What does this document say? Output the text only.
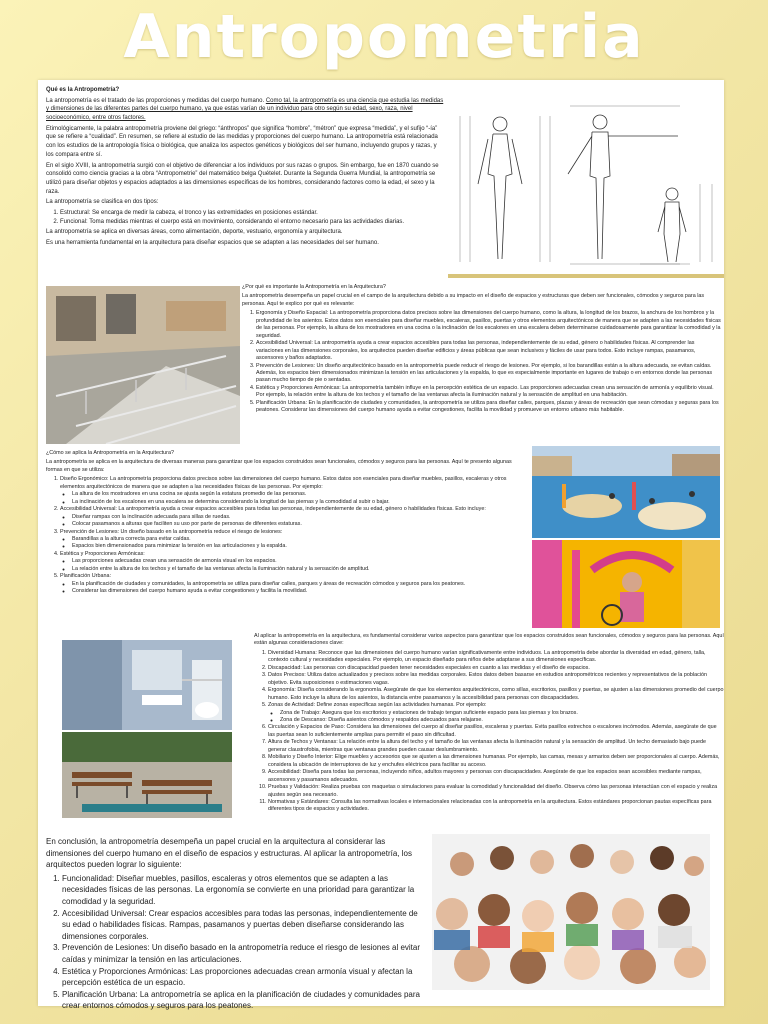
Antropometria

Qué es la Antropometría?

La antropometría es el tratado de las proporciones y medidas del cuerpo humano. Como tal, la antropometría es una ciencia que estudia las medidas y dimensiones de las diferentes partes del cuerpo humano, ya que estas varían de un individuo para otro según su edad, sexo, raza, nivel socioeconómico, entre otros factores.

Etimológicamente, la palabra antropometría proviene del griego: “ánthropos” que significa “hombre”, “métron” que expresa “medida”, y el sufijo “-ía” que se refiere a “cualidad”. En resumen, se refiere al estudio de las medidas y proporciones del cuerpo humano. La antropometría está relacionada con los estudios de la antropología física o biológica, que analiza los aspectos genéticos y biológicos del ser humano, incluyendo grupos y razas, y los compara entre sí.

En el siglo XVIII, la antropometría surgió con el objetivo de diferenciar a los individuos por sus razas o grupos. Sin embargo, fue en 1870 cuando se consolidó como ciencia gracias a la obra “Antropometrie” del matemático belga Quételet. Durante la Segunda Guerra Mundial, la antropometría se utilizó para diseñar objetos y espacios adaptados a las dimensiones específicas de los hombres, considerando factores como la edad, el sexo y la raza.

La antropometría se clasifica en dos tipos:

1. Estructural: Se encarga de medir la cabeza, el tronco y las extremidades en posiciones estándar.
2. Funcional: Toma medidas mientras el cuerpo está en movimiento, considerando el entorno necesario para las actividades diarias.

La antropometría se aplica en diversas áreas, como alimentación, deporte, vestuario, ergonomía y arquitectura.

Es una herramienta fundamental en la arquitectura para diseñar espacios que se adapten a las necesidades del ser humano.

¿Por qué es importante la Antropometría en la Arquitectura?

La antropometría desempeña un papel crucial en el campo de la arquitectura debido a su impacto en el diseño de espacios y estructuras que deben ser funcionales, cómodos y seguros para las personas. Aquí te explico por qué es relevante:

1. Ergonomía y Diseño Espacial: La antropometría proporciona datos precisos sobre las dimensiones del cuerpo humano, como la altura, la longitud de los brazos, la anchura de los hombros y la profundidad de los asientos. Estos datos son esenciales para diseñar muebles, escaleras, pasillos, puertas y otros elementos arquitectónicos de manera que se adapten a las necesidades físicas de las personas. Por ejemplo, la altura de los mostradores en una cocina o la inclinación de los escalones en una escalera deben determinarse cuidadosamente para garantizar la comodidad y la seguridad.
2. Accesibilidad Universal: La antropometría ayuda a crear espacios accesibles para todas las personas, independientemente de su edad, género o habilidades físicas. Al comprender las variaciones en las dimensiones corporales, los arquitectos pueden diseñar edificios y áreas públicas que sean inclusivos y fáciles de usar para todos. Esto incluye rampas, pasamanos, ascensores y baños adaptados.
3. Prevención de Lesiones: Un diseño arquitectónico basado en la antropometría puede reducir el riesgo de lesiones. Por ejemplo, si los barandillas están a la altura adecuada, se evitan caídas. Además, los espacios bien dimensionados minimizan la tensión en las articulaciones y la espalda, lo que es especialmente importante en lugares de trabajo o en entornos donde las personas pasan mucho tiempo de pie o sentadas.
4. Estética y Proporciones Armónicas: La antropometría también influye en la percepción estética de un espacio. Las proporciones adecuadas crean una sensación de armonía y equilibrio visual. Por ejemplo, la relación entre la altura de los techos y el tamaño de las ventanas afecta la iluminación natural y la sensación de amplitud en una habitación.
5. Planificación Urbana: En la planificación de ciudades y comunidades, la antropometría se utiliza para diseñar calles, parques, plazas y áreas de recreación que sean cómodas y seguras para los peatones. Considerar las dimensiones del cuerpo humano ayuda a evitar congestiones, facilita la movilidad y promueve un entorno urbano más habitable.

¿Cómo se aplica la Antropometría en la Arquitectura?

La antropometría se aplica en la arquitectura de diversas maneras para garantizar que los espacios construidos sean funcionales, cómodos y seguros para las personas. Aquí te presento algunas formas en que se utiliza:

1. Diseño Ergonómico: La antropometría proporciona datos precisos sobre las dimensiones del cuerpo humano. Estos datos son esenciales para diseñar muebles, pasillos, escaleras y otros elementos arquitectónicos de manera que se adapten a las necesidades físicas de las personas. Por ejemplo:
◦ La altura de los mostradores en una cocina se ajusta según la estatura promedio de las personas.
◦ La inclinación de los escalones en una escalera se determina considerando la longitud de las piernas y la comodidad al subir o bajar.
2. Accesibilidad Universal: La antropometría ayuda a crear espacios accesibles para todas las personas, independientemente de su edad, género o habilidades físicas. Esto incluye:
◦ Diseñar rampas con la inclinación adecuada para sillas de ruedas.
◦ Colocar pasamanos a alturas que faciliten su uso por parte de personas de diferentes estaturas.
3. Prevención de Lesiones: Un diseño basado en la antropometría reduce el riesgo de lesiones:
◦ Barandillas a la altura correcta para evitar caídas.
◦ Espacios bien dimensionados para minimizar la tensión en las articulaciones y la espalda.
4. Estética y Proporciones Armónicas:
◦ Las proporciones adecuadas crean una sensación de armonía visual en los espacios.
◦ La relación entre la altura de los techos y el tamaño de las ventanas afecta la iluminación natural y la sensación de amplitud.
5. Planificación Urbana:
◦ En la planificación de ciudades y comunidades, la antropometría se utiliza para diseñar calles, parques y áreas de recreación cómodos y seguros para los peatones.
◦ Considerar las dimensiones del cuerpo humano ayuda a evitar congestiones y facilita la movilidad.

Al aplicar la antropometría en la arquitectura, es fundamental considerar varios aspectos para garantizar que los espacios construidos sean funcionales, cómodos y seguros para las personas. Aquí están algunas consideraciones clave:

1. Diversidad Humana: Reconoce que las dimensiones del cuerpo humano varían significativamente entre individuos. La antropometría debe abordar la diversidad en edad, género, talla, contexto cultural y necesidades especiales. Por ejemplo, un espacio diseñado para niños debe adaptarse a sus dimensiones específicas.
2. Discapacidad: Las personas con discapacidad pueden tener necesidades especiales en cuanto a las medidas y el diseño de espacios.
3. Datos Precisos: Utiliza datos actualizados y precisos sobre las medidas corporales. Estos datos deben basarse en estudios antropométricos recientes y representativos de la población objetivo. Evita suposiciones o estimaciones vagas.
4. Ergonomía: Diseña considerando la ergonomía. Asegúrate de que los elementos arquitectónicos, como sillas, escritorios, pasillos y puertas, se ajusten a las dimensiones promedio del cuerpo humano. Esto incluye la altura de los asientos, la distancia entre pasamanos y la accesibilidad para personas con discapacidades.
5. Zonas de Actividad: Define zonas específicas según las actividades humanas. Por ejemplo:
◦ Zona de Trabajo: Asegura que los escritorios y estaciones de trabajo tengan suficiente espacio para las piernas y los brazos.
◦ Zona de Descanso: Diseña asientos cómodos y respaldos adecuados para relajarse.
6. Circulación y Espacios de Paso: Considera las dimensiones del cuerpo al diseñar pasillos, escaleras y puertas. Evita pasillos estrechos o escalones incómodos. Además, asegúrate de que las puertas sean lo suficientemente amplias para permitir el paso sin dificultad.
7. Altura de Techos y Ventanas: La relación entre la altura del techo y el tamaño de las ventanas afecta la iluminación natural y la sensación de amplitud. Un techo demasiado bajo puede generar claustrofobia, mientras que ventanas grandes pueden causar deslumbramiento.
8. Mobiliario y Diseño Interior: Elige muebles y accesorios que se ajusten a las dimensiones humanas. Por ejemplo, las camas, mesas y armarios deben ser proporcionales al cuerpo. Además, considera la ubicación de interruptores de luz y enchufes eléctricos para facilitar su acceso.
9. Accesibilidad: Diseña para todas las personas, incluyendo niños, adultos mayores y personas con discapacidades. Asegúrate de que los espacios sean accesibles mediante rampas, ascensores y pasamanos adecuados.
10. Pruebas y Validación: Realiza pruebas con maquetas o simulaciones para evaluar la comodidad y funcionalidad del diseño. Observa cómo las personas interactúan con el espacio y realiza ajustes según sea necesario.
11. Normativas y Estándares: Consulta las normativas locales e internacionales relacionadas con la antropometría en la arquitectura. Estos estándares proporcionan pautas específicas para diferentes tipos de espacios y actividades.

En conclusión, la antropometría desempeña un papel crucial en la arquitectura al considerar las dimensiones del cuerpo humano en el diseño de espacios y estructuras. Al aplicar la antropometría, los arquitectos pueden lograr lo siguiente:

1. Funcionalidad: Diseñar muebles, pasillos, escaleras y otros elementos que se adapten a las necesidades físicas de las personas. La ergonomía se convierte en una prioridad para garantizar la comodidad y la seguridad.
2. Accesibilidad Universal: Crear espacios accesibles para todas las personas, independientemente de su edad o habilidades físicas. Rampas, pasamanos y puertas deben diseñarse considerando las dimensiones corporales.
3. Prevención de Lesiones: Un diseño basado en la antropometría reduce el riesgo de lesiones al evitar caídas y minimizar la tensión en las articulaciones.
4. Estética y Proporciones Armónicas: Las proporciones adecuadas crean armonía visual y afectan la percepción estética de un espacio.
5. Planificación Urbana: La antropometría se aplica en la planificación de ciudades y comunidades para crear entornos cómodos y seguros para los peatones.
